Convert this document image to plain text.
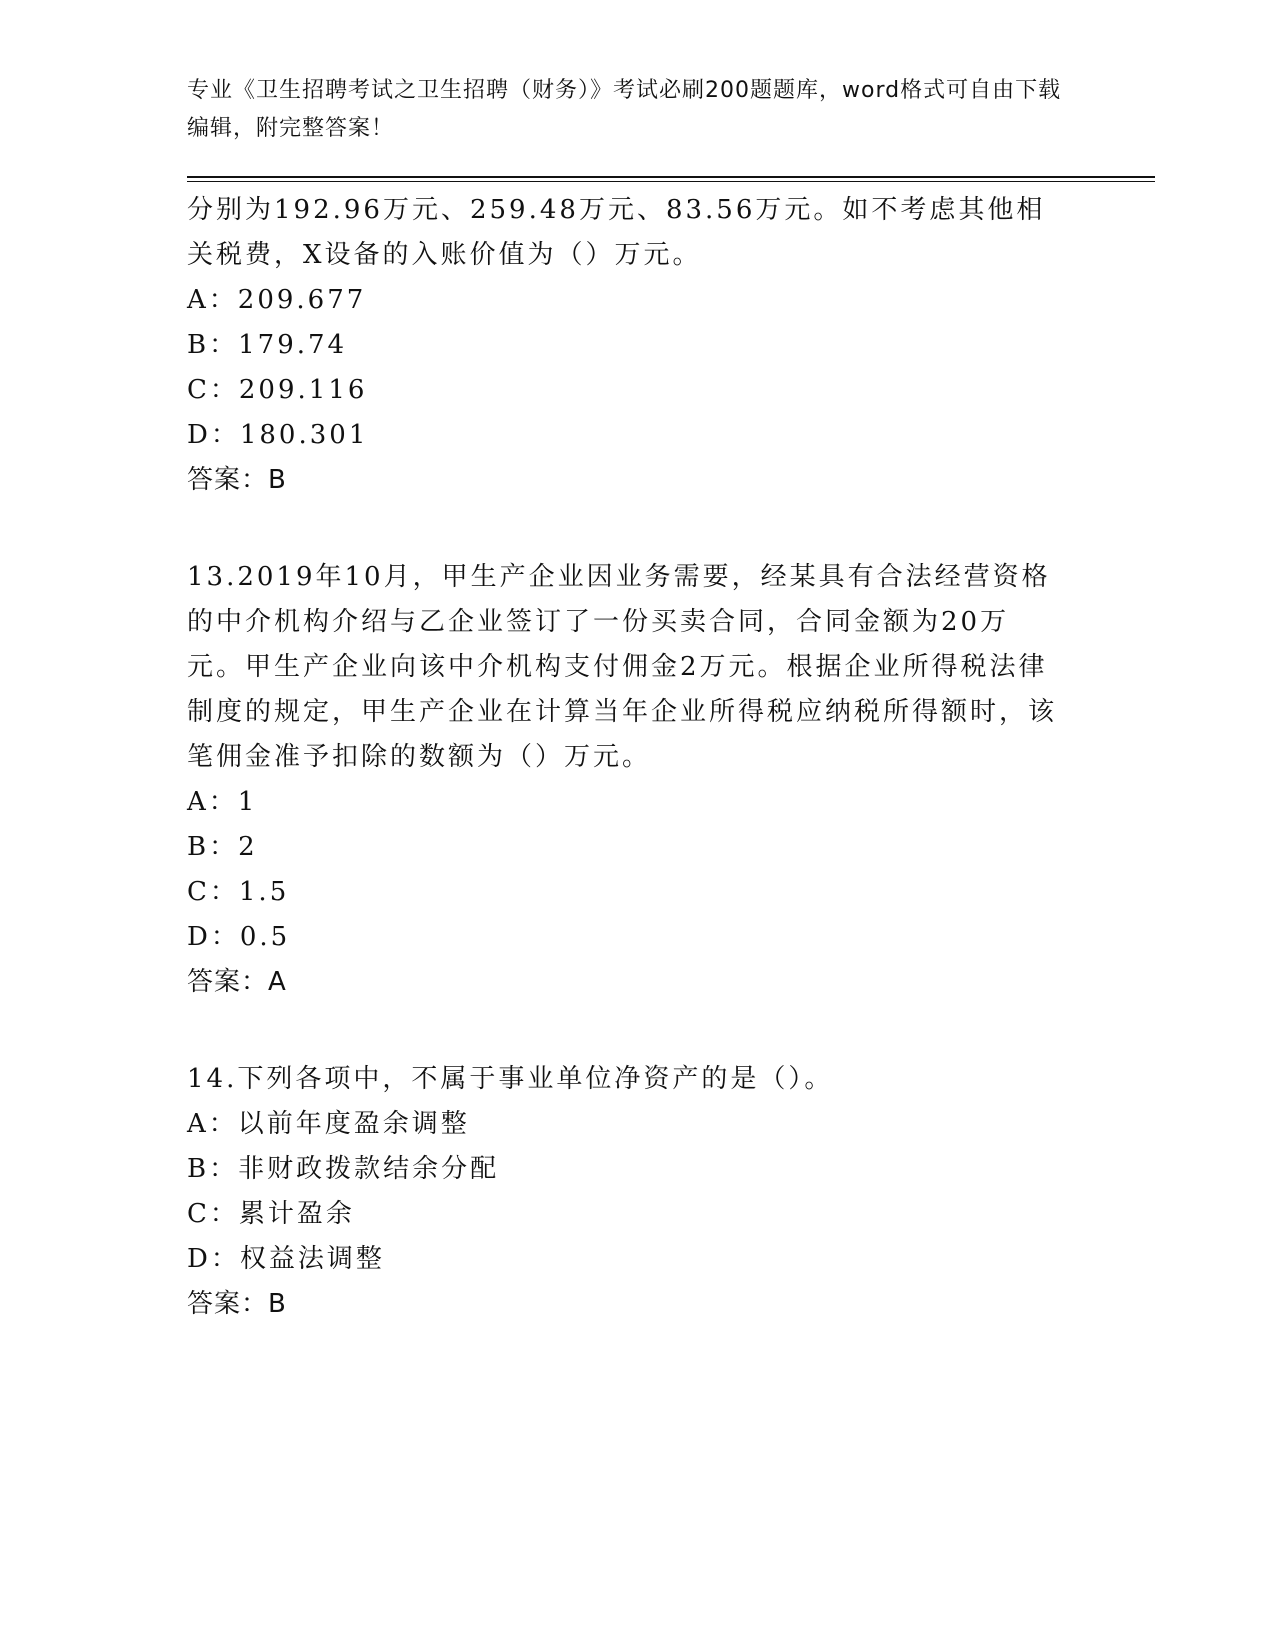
专业《卫生招聘考试之卫生招聘（财务）》考试必刷200题题库，word格式可自由下载编辑，附完整答案！

分别为192.96万元、259.48万元、83.56万元。如不考虑其他相关税费，X设备的入账价值为（）万元。

A：209.677

B：179.74

C：209.116

D：180.301

答案：B

13.2019年10月，甲生产企业因业务需要，经某具有合法经营资格的中介机构介绍与乙企业签订了一份买卖合同，合同金额为20万元。甲生产企业向该中介机构支付佣金2万元。根据企业所得税法律制度的规定，甲生产企业在计算当年企业所得税应纳税所得额时，该笔佣金准予扣除的数额为（）万元。

A：1

B：2

C：1.5

D：0.5

答案：A

14.下列各项中，不属于事业单位净资产的是（）。

A：以前年度盈余调整

B：非财政拨款结余分配

C：累计盈余

D：权益法调整

答案：B
